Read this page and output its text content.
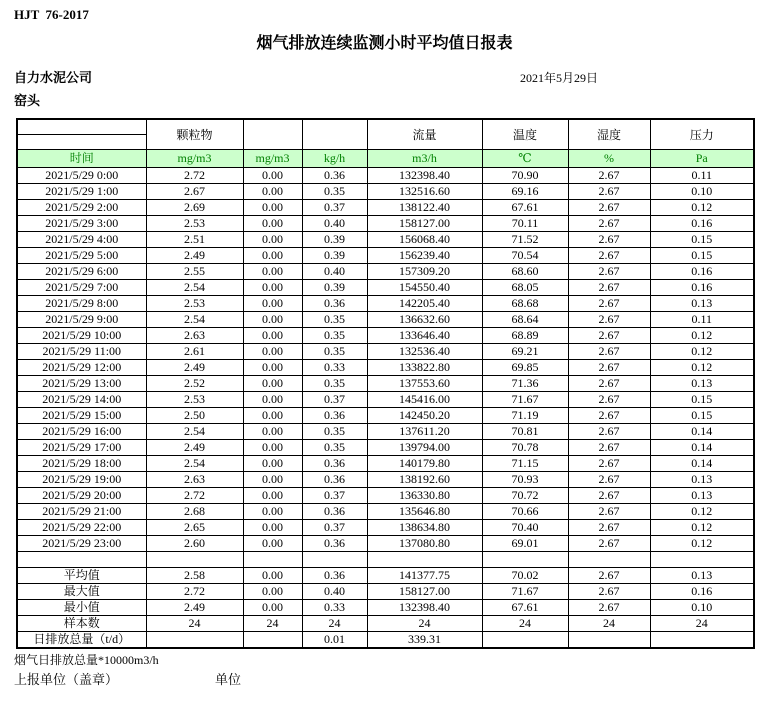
HJT  76-2017
烟气排放连续监测小时平均值日报表
自力水泥公司	2021年5月29日
窑头
	颗粒物			流量	温度	湿度	压力

时间	mg/m3	mg/m3	kg/h	m3/h	℃	%	Pa
2021/5/29 0:00	2.72	0.00	0.36	132398.40	70.90	2.67	0.11
2021/5/29 1:00	2.67	0.00	0.35	132516.60	69.16	2.67	0.10
2021/5/29 2:00	2.69	0.00	0.37	138122.40	67.61	2.67	0.12
2021/5/29 3:00	2.53	0.00	0.40	158127.00	70.11	2.67	0.16
2021/5/29 4:00	2.51	0.00	0.39	156068.40	71.52	2.67	0.15
2021/5/29 5:00	2.49	0.00	0.39	156239.40	70.54	2.67	0.15
2021/5/29 6:00	2.55	0.00	0.40	157309.20	68.60	2.67	0.16
2021/5/29 7:00	2.54	0.00	0.39	154550.40	68.05	2.67	0.16
2021/5/29 8:00	2.53	0.00	0.36	142205.40	68.68	2.67	0.13
2021/5/29 9:00	2.54	0.00	0.35	136632.60	68.64	2.67	0.11
2021/5/29 10:00	2.63	0.00	0.35	133646.40	68.89	2.67	0.12
2021/5/29 11:00	2.61	0.00	0.35	132536.40	69.21	2.67	0.12
2021/5/29 12:00	2.49	0.00	0.33	133822.80	69.85	2.67	0.12
2021/5/29 13:00	2.52	0.00	0.35	137553.60	71.36	2.67	0.13
2021/5/29 14:00	2.53	0.00	0.37	145416.00	71.67	2.67	0.15
2021/5/29 15:00	2.50	0.00	0.36	142450.20	71.19	2.67	0.15
2021/5/29 16:00	2.54	0.00	0.35	137611.20	70.81	2.67	0.14
2021/5/29 17:00	2.49	0.00	0.35	139794.00	70.78	2.67	0.14
2021/5/29 18:00	2.54	0.00	0.36	140179.80	71.15	2.67	0.14
2021/5/29 19:00	2.63	0.00	0.36	138192.60	70.93	2.67	0.13
2021/5/29 20:00	2.72	0.00	0.37	136330.80	70.72	2.67	0.13
2021/5/29 21:00	2.68	0.00	0.36	135646.80	70.66	2.67	0.12
2021/5/29 22:00	2.65	0.00	0.37	138634.80	70.40	2.67	0.12
2021/5/29 23:00	2.60	0.00	0.36	137080.80	69.01	2.67	0.12

平均值	2.58	0.00	0.36	141377.75	70.02	2.67	0.13
最大值	2.72	0.00	0.40	158127.00	71.67	2.67	0.16
最小值	2.49	0.00	0.33	132398.40	67.61	2.67	0.10
样本数	24	24	24	24	24	24	24
日排放总量（t/d）			0.01	339.31			
烟气日排放总量*10000m3/h
上报单位（盖章）	单位
